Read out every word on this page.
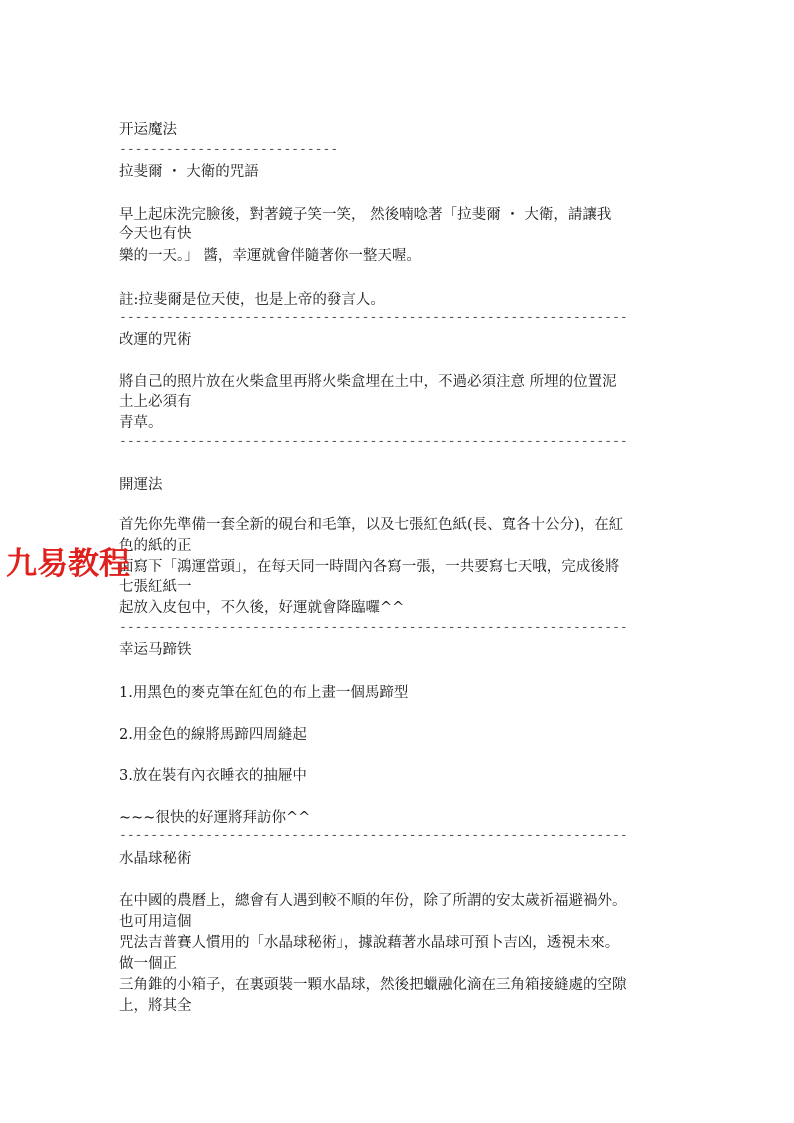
开运魔法
----------------------------
拉斐爾 ・ 大衛的咒語
早上起床洗完臉後，對著鏡子笑一笑， 然後喃唸著「拉斐爾 ・ 大衛，請讓我
今天也有快
樂的一天。」 醬，幸運就會伴隨著你一整天喔。
註:拉斐爾是位天使，也是上帝的發言人。
-----------------------------------------------------------------
改運的咒術
將自己的照片放在火柴盒里再將火柴盒埋在土中，不過必須注意 所埋的位置泥
土上必須有
青草。
-----------------------------------------------------------------
開運法
首先你先準備一套全新的硯台和毛筆，以及七張紅色紙(長、寬各十公分)，在紅
色的紙的正
面寫下「鴻運當頭」，在每天同一時間內各寫一張，一共要寫七天哦，完成後將
七張紅紙一
起放入皮包中，不久後，好運就會降臨囉^^
-----------------------------------------------------------------
幸运马蹄铁
1.用黑色的麥克筆在紅色的布上畫一個馬蹄型
2.用金色的線將馬蹄四周縫起
3.放在裝有內衣睡衣的抽屜中
~~~很快的好運將拜訪你^^
-----------------------------------------------------------------
水晶球秘術
在中國的農曆上，總會有人遇到較不順的年份，除了所謂的安太歲祈福避禍外。
也可用這個
咒法吉普賽人慣用的「水晶球秘術」，據說藉著水晶球可預卜吉凶，透視未來。
做一個正
三角錐的小箱子，在裏頭裝一顆水晶球，然後把蠟融化滴在三角箱接縫處的空隙
上，將其全
九易教程
